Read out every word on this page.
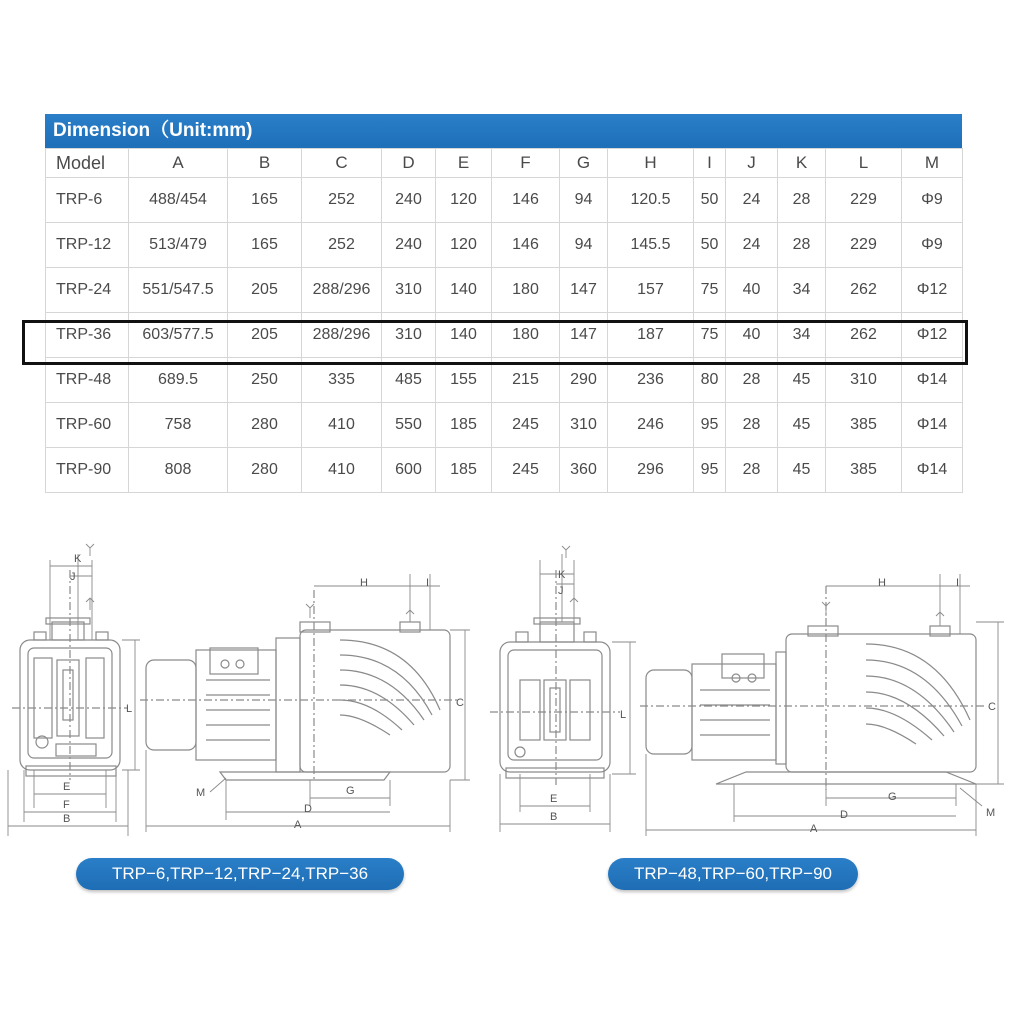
Dimension（Unit:mm)
Model	A	B	C	D	E	F	G	H	I	J	K	L	M
TRP-6	488/454	165	252	240	120	146	94	120.5	50	24	28	229	Φ9
TRP-12	513/479	165	252	240	120	146	94	145.5	50	24	28	229	Φ9
TRP-24	551/547.5	205	288/296	310	140	180	147	157	75	40	34	262	Φ12
TRP-36	603/577.5	205	288/296	310	140	180	147	187	75	40	34	262	Φ12
TRP-48	689.5	250	335	485	155	215	290	236	80	28	45	310	Φ14
TRP-60	758	280	410	550	185	245	310	246	95	28	45	385	Φ14
TRP-90	808	280	410	600	185	245	360	296	95	28	45	385	Φ14
K
J
L
E
F
B
H	I
C
M	G
D
A
K
J
L
E
B
H	I
C
M
G
D
A
TRP−6,TRP−12,TRP−24,TRP−36	TRP−48,TRP−60,TRP−90
